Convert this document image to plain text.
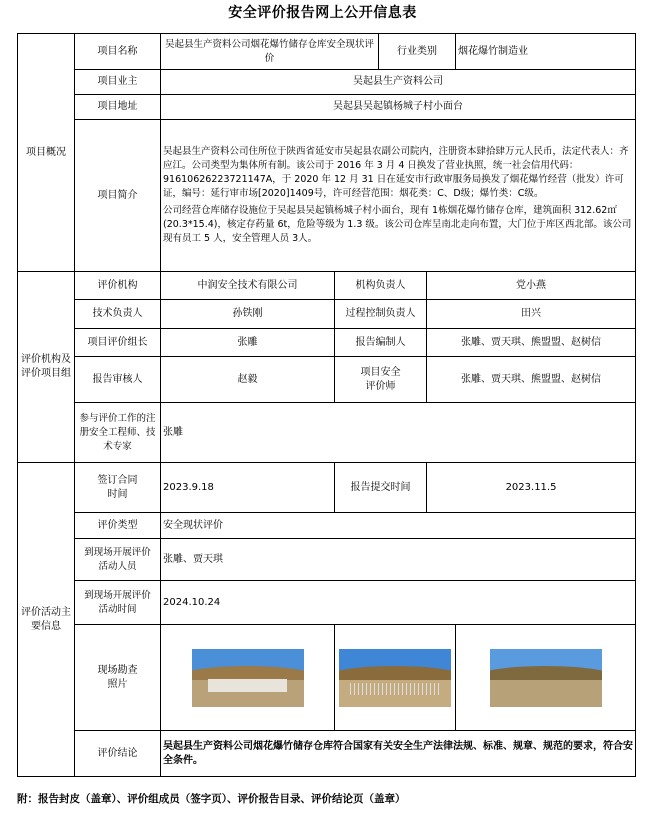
安全评价报告网上公开信息表
项目概况	项目名称	吴起县生产资料公司烟花爆竹储存仓库安全现状评价		行业类别		烟花爆竹制造业
	项目业主	吴起县生产资料公司				
	项目地址	吴起县吴起镇杨城子村小面台				
	项目简介	吴起县生产资料公司住所位于陕西省延安市吴起县农副公司院内，注册资本肆拾肆万元人民币，法定代表人：齐应江。公司类型为集体所有制。该公司于 2016 年 3 月 4 日换发了营业执照，统一社会信用代码：91610626223721147A，于 2020 年 12 月 31 日在延安市行政审服务局换发了烟花爆竹经营（批发）许可证，编号：延行审市场[2020]1409号，许可经营范围：烟花类：C、D级；爆竹类：C级。

公司经营仓库储存设施位于吴起县吴起镇杨城子村小面台，现有 1栋烟花爆竹储存仓库，建筑面积 312.62㎡(20.3*15.4)，核定存药量 6t，危险等级为 1.3 级。该公司仓库呈南北走向布置，大门位于库区西北部。该公司现有员工 5 人，安全管理人员 3人。				

评价机构及评价项目组	评价机构	中润安全技术有限公司	机构负责人		党小燕	
	技术负责人	孙铁刚	过程控制负责人		田兴	
	项目评价组长	张雕	报告编制人		张雕、贾天琪、熊盟盟、赵树信	
	报告审核人	赵毅	项目安全
评价师		张雕、贾天琪、熊盟盟、赵树信	
	参与评价工作的注册安全工程师、技术专家	张雕				
评价活动主要信息	签订合同
时间	2023.9.18	报告提交时间		2023.11.5	
	评价类型	安全现状评价				

	到现场开展评价
活动人员	张雕、贾天琪				

	到现场开展评价
活动时间	2024.10.24				

	现场勘查
照片					

	评价结论	吴起县生产资料公司烟花爆竹储存仓库符合国家有关安全生产法律法规、标准、规章、规范的要求，符合安全条件。				
附：报告封皮（盖章）、评价组成员（签字页）、评价报告目录、评价结论页（盖章）
